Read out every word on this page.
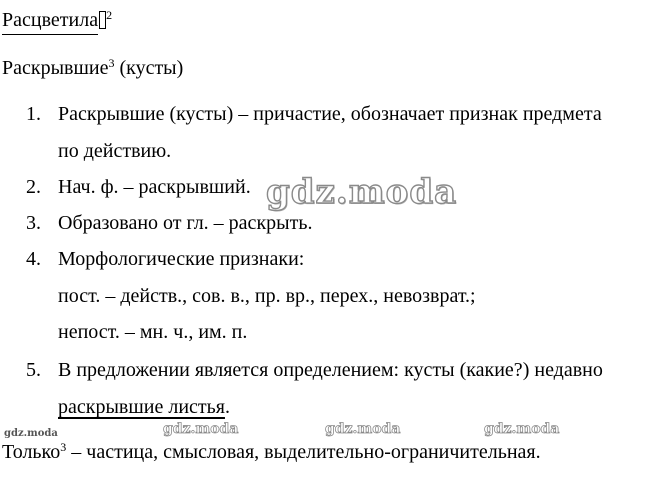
Расцветила $^2$
Раскрывшие$^3$ (кусты)
1. Раскрывшие (кусты) – причастие, обозначает признак предмета
по действию.
2. Нач. ф. – раскрывший.
3. Образовано от гл. – раскрыть.
4. Морфологические признаки:
пост. – действ., сов. в., пр. вр., перех., невозврат.;
непост. – мн. ч., им. п.
5. В предложении является определением: кусты (какие?) недавно
раскрывшие листья.
Только$^3$ – частица, смысловая, выделительно-ограничительная.
gdz.moda
gdz.moda	gdz.moda	gdz.moda	gdz.moda
